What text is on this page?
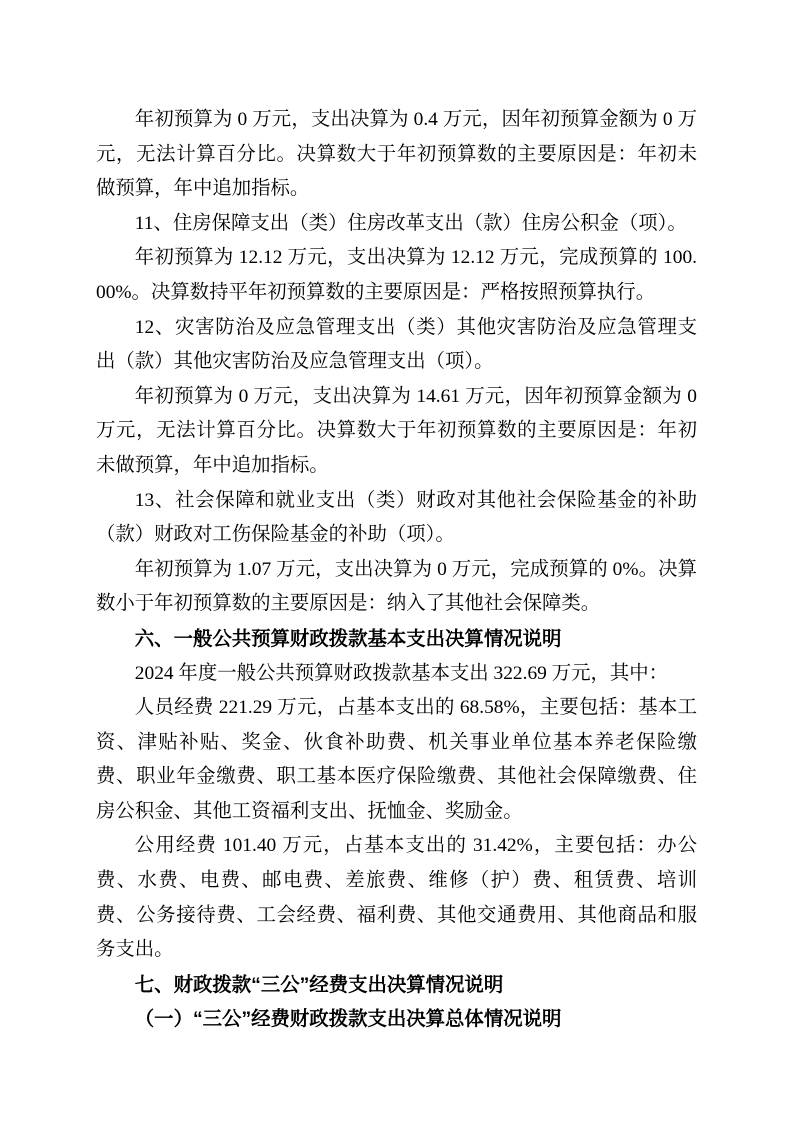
年初预算为 0 万元，支出决算为 0.4 万元，因年初预算金额为 0 万元，无法计算百分比。决算数大于年初预算数的主要原因是：年初未做预算，年中追加指标。

11、住房保障支出（类）住房改革支出（款）住房公积金（项）。

年初预算为 12.12 万元，支出决算为 12.12 万元，完成预算的 100.00%。决算数持平年初预算数的主要原因是：严格按照预算执行。

12、灾害防治及应急管理支出（类）其他灾害防治及应急管理支出（款）其他灾害防治及应急管理支出（项）。

年初预算为 0 万元，支出决算为 14.61 万元，因年初预算金额为 0 万元，无法计算百分比。决算数大于年初预算数的主要原因是：年初未做预算，年中追加指标。

13、社会保障和就业支出（类）财政对其他社会保险基金的补助（款）财政对工伤保险基金的补助（项）。

年初预算为 1.07 万元，支出决算为 0 万元，完成预算的 0%。决算数小于年初预算数的主要原因是：纳入了其他社会保障类。

六、一般公共预算财政拨款基本支出决算情况说明

2024 年度一般公共预算财政拨款基本支出 322.69 万元，其中：

人员经费 221.29 万元，占基本支出的 68.58%，主要包括：基本工资、津贴补贴、奖金、伙食补助费、机关事业单位基本养老保险缴费、职业年金缴费、职工基本医疗保险缴费、其他社会保障缴费、住房公积金、其他工资福利支出、抚恤金、奖励金。

公用经费 101.40 万元，占基本支出的 31.42%，主要包括：办公费、水费、电费、邮电费、差旅费、维修（护）费、租赁费、培训费、公务接待费、工会经费、福利费、其他交通费用、其他商品和服务支出。

七、财政拨款“三公”经费支出决算情况说明

（一）“三公”经费财政拨款支出决算总体情况说明
